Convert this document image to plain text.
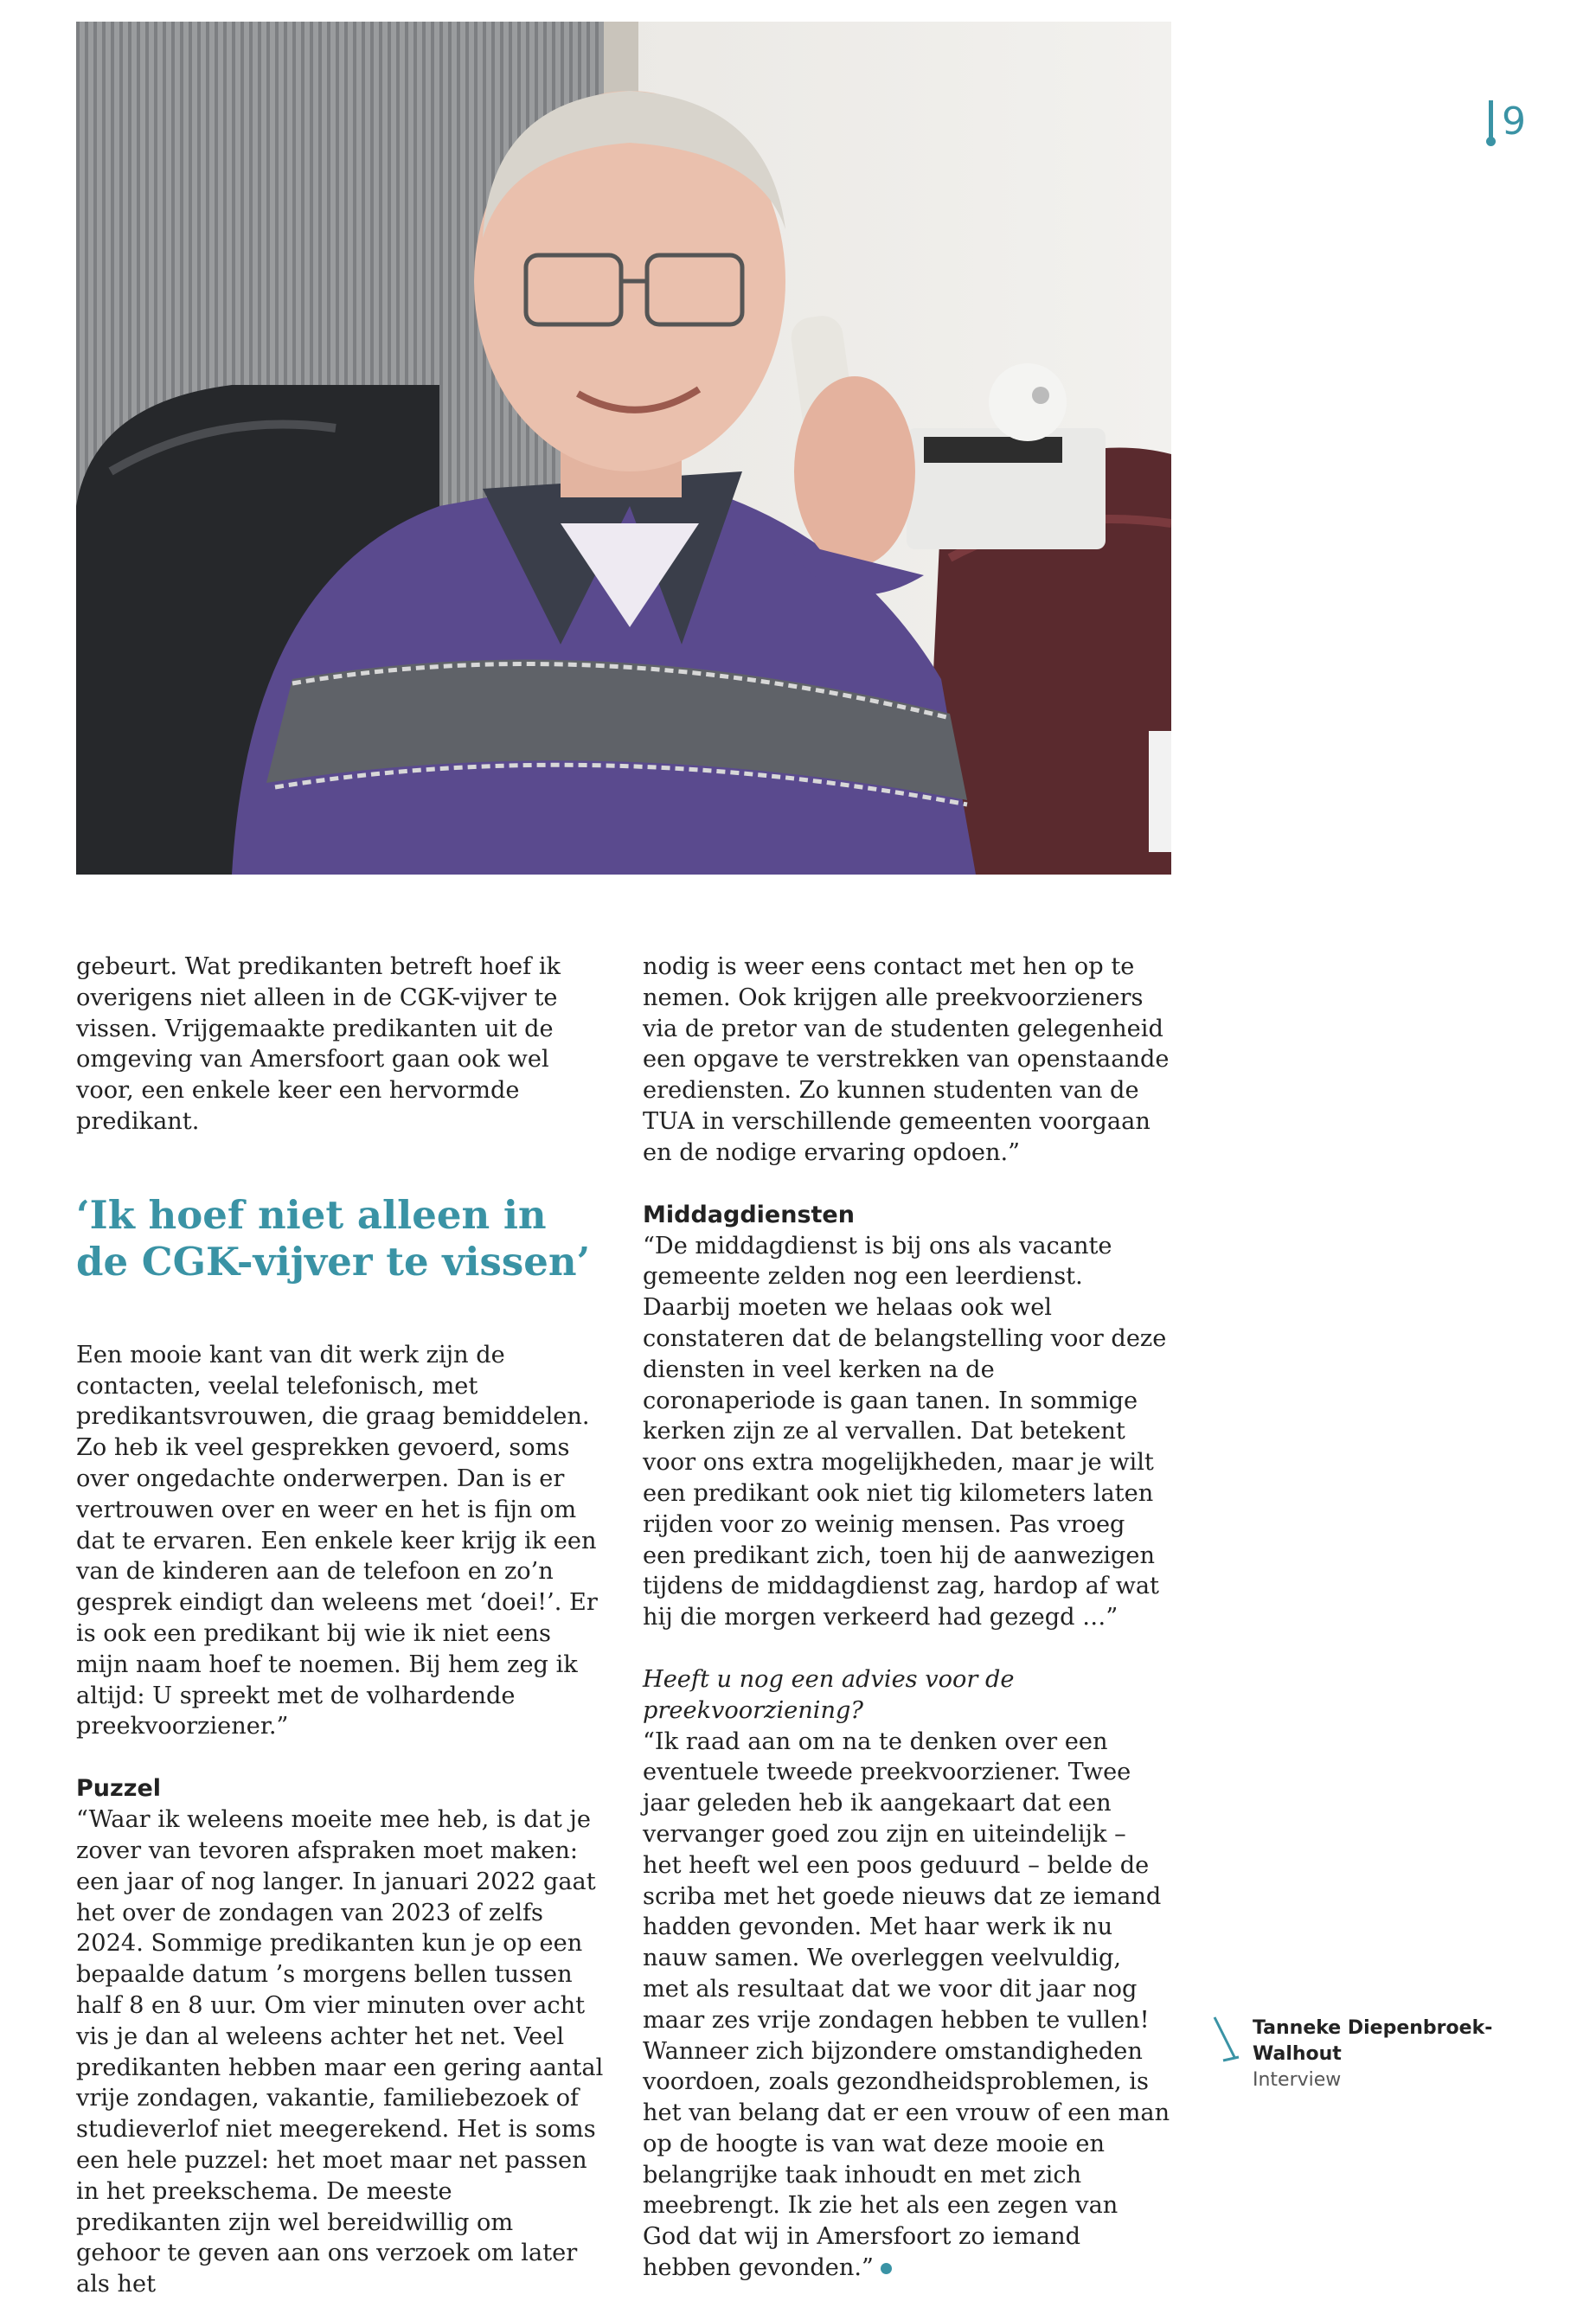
9

gebeurt. Wat predikanten betreft hoef ik overigens niet alleen in de CGK-vijver te vissen. Vrijgemaakte predikanten uit de omgeving van Amersfoort gaan ook wel voor, een enkele keer een hervormde predikant.

‘Ik hoef niet alleen in de CGK-vijver te vissen’

Een mooie kant van dit werk zijn de contacten, veelal telefonisch, met predikantsvrouwen, die graag bemiddelen. Zo heb ik veel gesprekken gevoerd, soms over ongedachte onderwerpen. Dan is er vertrouwen over en weer en het is fijn om dat te ervaren. Een enkele keer krijg ik een van de kinderen aan de telefoon en zo’n gesprek eindigt dan weleens met ‘doei!’. Er is ook een predikant bij wie ik niet eens mijn naam hoef te noemen. Bij hem zeg ik altijd: U spreekt met de volhardende preekvoorziener.”

Puzzel

“Waar ik weleens moeite mee heb, is dat je zover van tevoren afspraken moet maken: een jaar of nog langer. In januari 2022 gaat het over de zondagen van 2023 of zelfs 2024. Sommige predikanten kun je op een bepaalde datum ’s morgens bellen tussen half 8 en 8 uur. Om vier minuten over acht vis je dan al weleens achter het net. Veel predikanten hebben maar een gering aantal vrije zondagen, vakantie, familiebezoek of studieverlof niet meegerekend. Het is soms een hele puzzel: het moet maar net passen in het preekschema. De meeste predikanten zijn wel bereidwillig om gehoor te geven aan ons verzoek om later als het

nodig is weer eens contact met hen op te nemen. Ook krijgen alle preekvoorzieners via de pretor van de studenten gelegenheid een opgave te verstrekken van openstaande erediensten. Zo kunnen studenten van de TUA in verschillende gemeenten voorgaan en de nodige ervaring opdoen.”

Middagdiensten

“De middagdienst is bij ons als vacante gemeente zelden nog een leerdienst. Daarbij moeten we helaas ook wel constateren dat de belangstelling voor deze diensten in veel kerken na de coronaperiode is gaan tanen. In sommige kerken zijn ze al vervallen. Dat betekent voor ons extra mogelijkheden, maar je wilt een predikant ook niet tig kilometers laten rijden voor zo weinig mensen. Pas vroeg een predikant zich, toen hij de aanwezigen tijdens de middagdienst zag, hardop af wat hij die morgen verkeerd had gezegd …”

Heeft u nog een advies voor de preekvoorziening?

“Ik raad aan om na te denken over een eventuele tweede preekvoorziener. Twee jaar geleden heb ik aangekaart dat een vervanger goed zou zijn en uiteindelijk – het heeft wel een poos geduurd – belde de scriba met het goede nieuws dat ze iemand hadden gevonden. Met haar werk ik nu nauw samen. We overleggen veelvuldig, met als resultaat dat we voor dit jaar nog maar zes vrije zondagen hebben te vullen!

Wanneer zich bijzondere omstandigheden voordoen, zoals gezondheidsproblemen, is het van belang dat er een vrouw of een man op de hoogte is van wat deze mooie en belangrijke taak inhoudt en met zich meebrengt. Ik zie het als een zegen van God dat wij in Amersfoort zo iemand hebben gevonden.”

Tanneke Diepenbroek-Walhout
Interview
